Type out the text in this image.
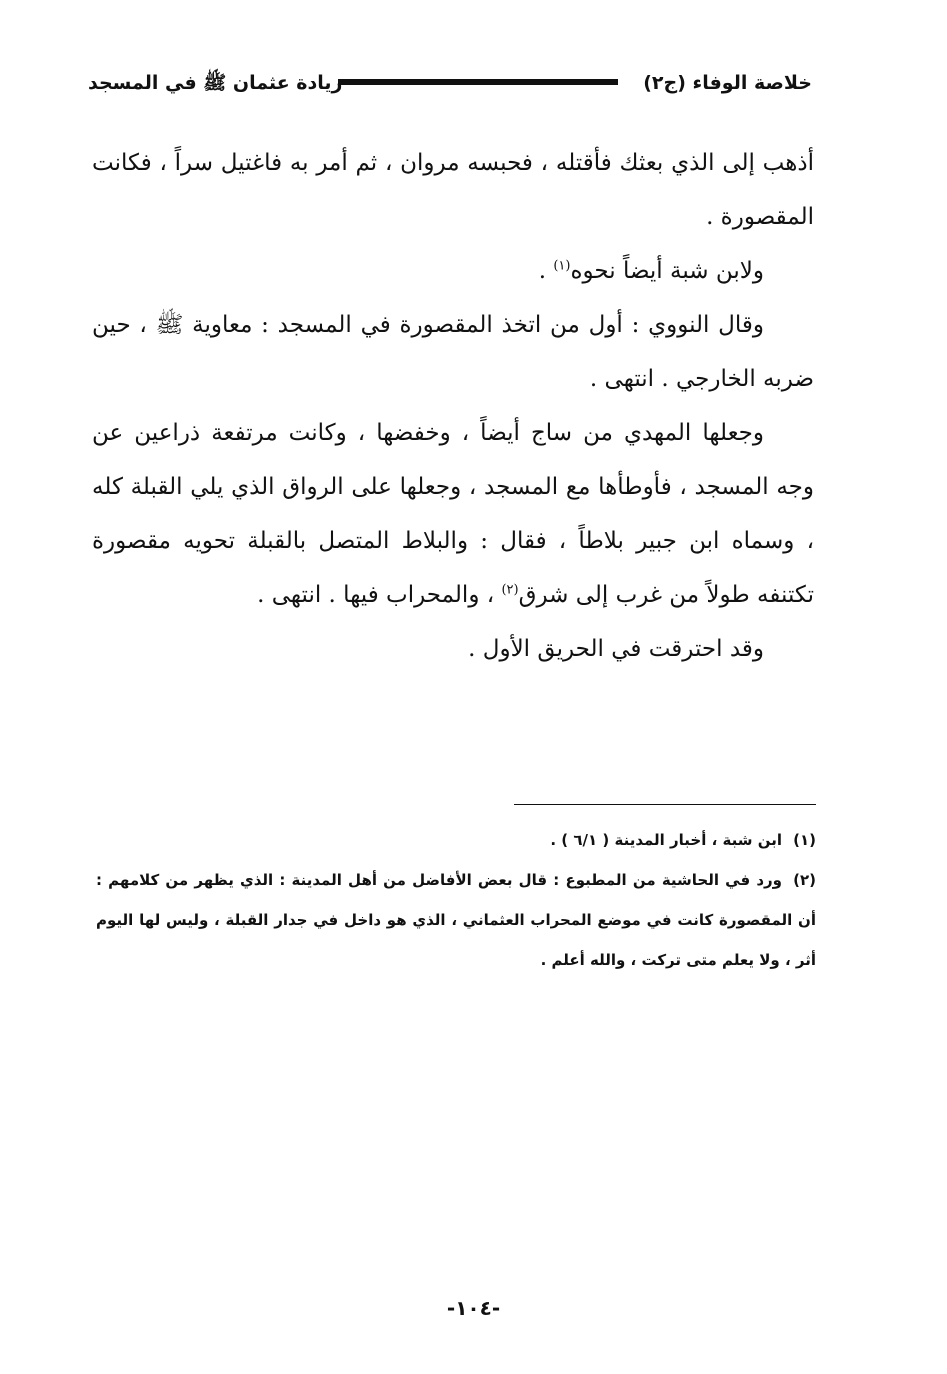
خلاصة الوفاء (ج٢)
زيادة عثمان ﷺ في المسجد

أذهب إلى الذي بعثك فأقتله ، فحبسه مروان ، ثم أمر به فاغتيل سراً ، فكانت المقصورة .

ولابن شبة أيضاً نحوه$^{(١)}$ .

وقال النووي : أول من اتخذ المقصورة في المسجد : معاوية ﷺ ، حين ضربه الخارجي . انتهى .

وجعلها المهدي من ساج أيضاً ، وخفضها ، وكانت مرتفعة ذراعين عن وجه المسجد ، فأوطأها مع المسجد ، وجعلها على الرواق الذي يلي القبلة كله ، وسماه ابن جبير بلاطاً ، فقال : والبلاط المتصل بالقبلة تحويه مقصورة تكتنفه طولاً من غرب إلى شرق$^{(٢)}$ ، والمحراب فيها . انتهى .

وقد احترقت في الحريق الأول .

(١)ابن شبة ، أخبار المدينة ( ٦/١ ) .

(٢)ورد في الحاشية من المطبوع : قال بعض الأفاضل من أهل المدينة : الذي يظهر من كلامهم : أن المقصورة كانت في موضع المحراب العثماني ، الذي هو داخل في جدار القبلة ، وليس لها اليوم أثر ، ولا يعلم متى تركت ، والله أعلم .

-١٠٤-
